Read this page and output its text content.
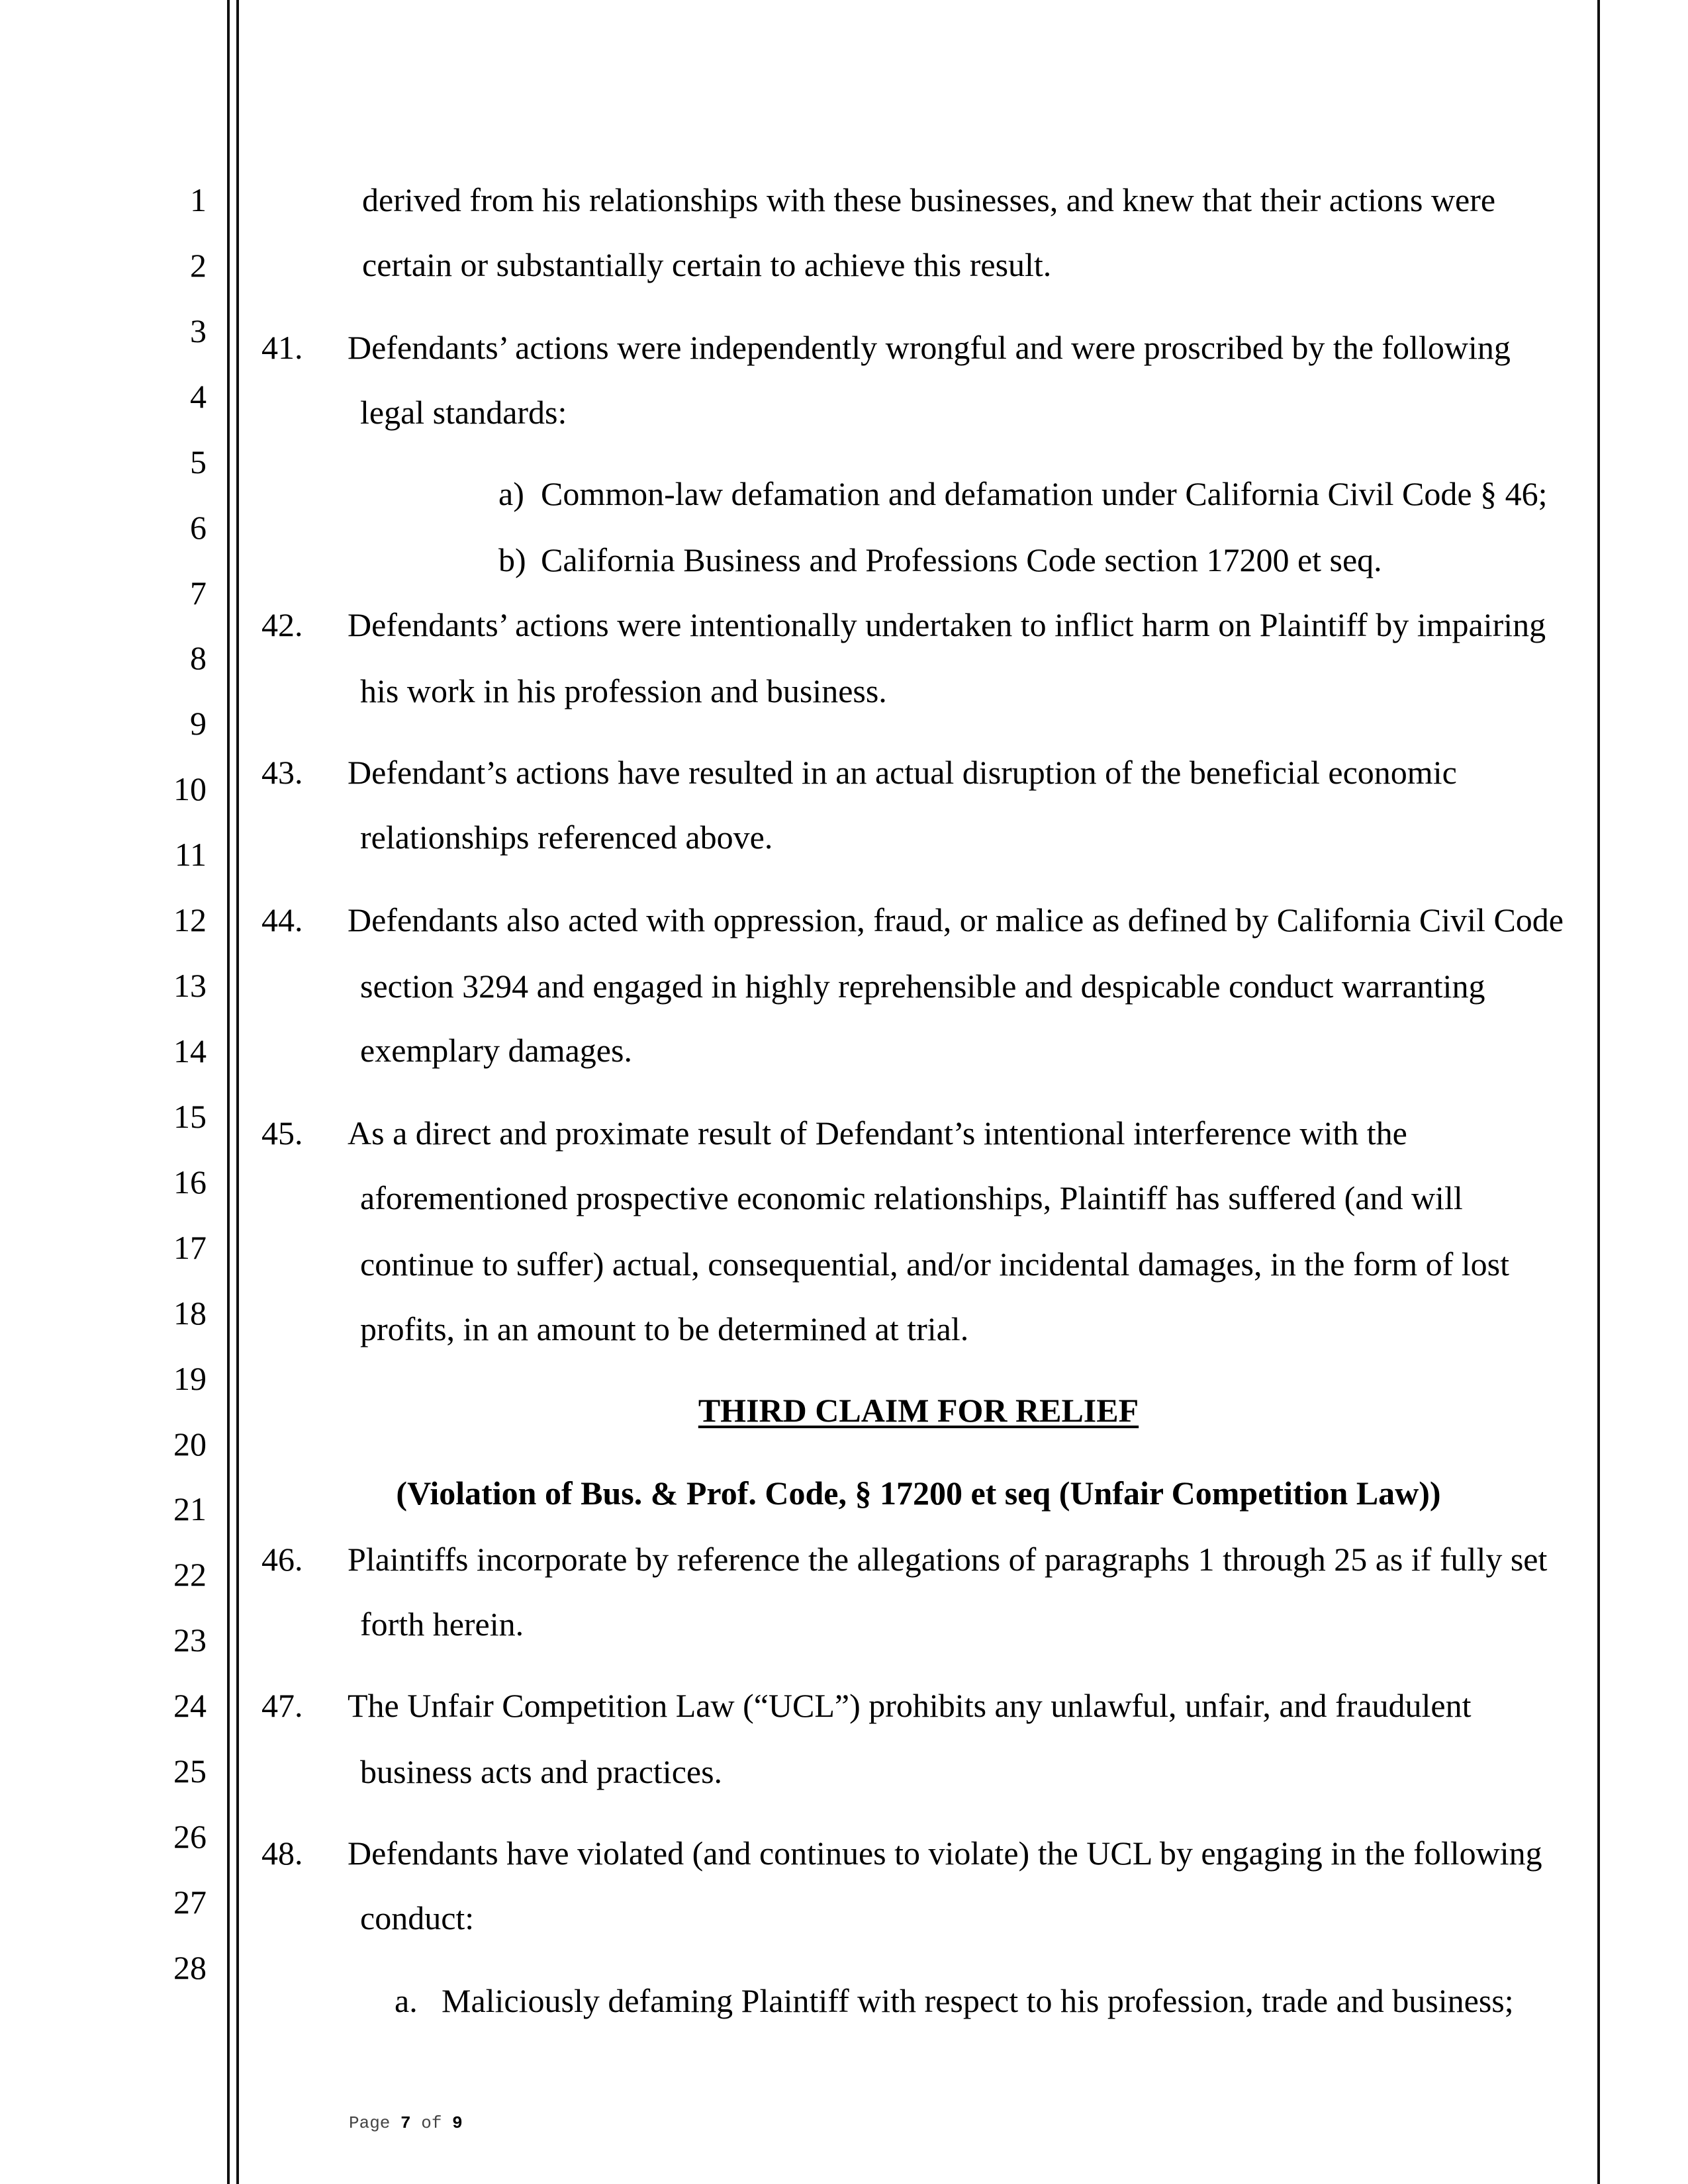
1
2
3
4
5
6
7
8
9
10
11
12
13
14
15
16
17
18
19
20
21
22
23
24
25
26
27
28
derived from his relationships with these businesses, and knew that their actions were
certain or substantially certain to achieve this result.
41. Defendants’ actions were independently wrongful and were proscribed by the following
legal standards:
a) Common-law defamation and defamation under California Civil Code § 46;
b) California Business and Professions Code section 17200 et seq.
42. Defendants’ actions were intentionally undertaken to inflict harm on Plaintiff by impairing
his work in his profession and business.
43. Defendant’s actions have resulted in an actual disruption of the beneficial economic
relationships referenced above.
44. Defendants also acted with oppression, fraud, or malice as defined by California Civil Code
section 3294 and engaged in highly reprehensible and despicable conduct warranting
exemplary damages.
45. As a direct and proximate result of Defendant’s intentional interference with the
aforementioned prospective economic relationships, Plaintiff has suffered (and will
continue to suffer) actual, consequential, and/or incidental damages, in the form of lost
profits, in an amount to be determined at trial.
THIRD CLAIM FOR RELIEF
(Violation of Bus. & Prof. Code, § 17200 et seq (Unfair Competition Law))
46. Plaintiffs incorporate by reference the allegations of paragraphs 1 through 25 as if fully set
forth herein.
47. The Unfair Competition Law (“UCL”) prohibits any unlawful, unfair, and fraudulent
business acts and practices.
48. Defendants have violated (and continues to violate) the UCL by engaging in the following
conduct:
a. Maliciously defaming Plaintiff with respect to his profession, trade and business;
Page 7 of 9
